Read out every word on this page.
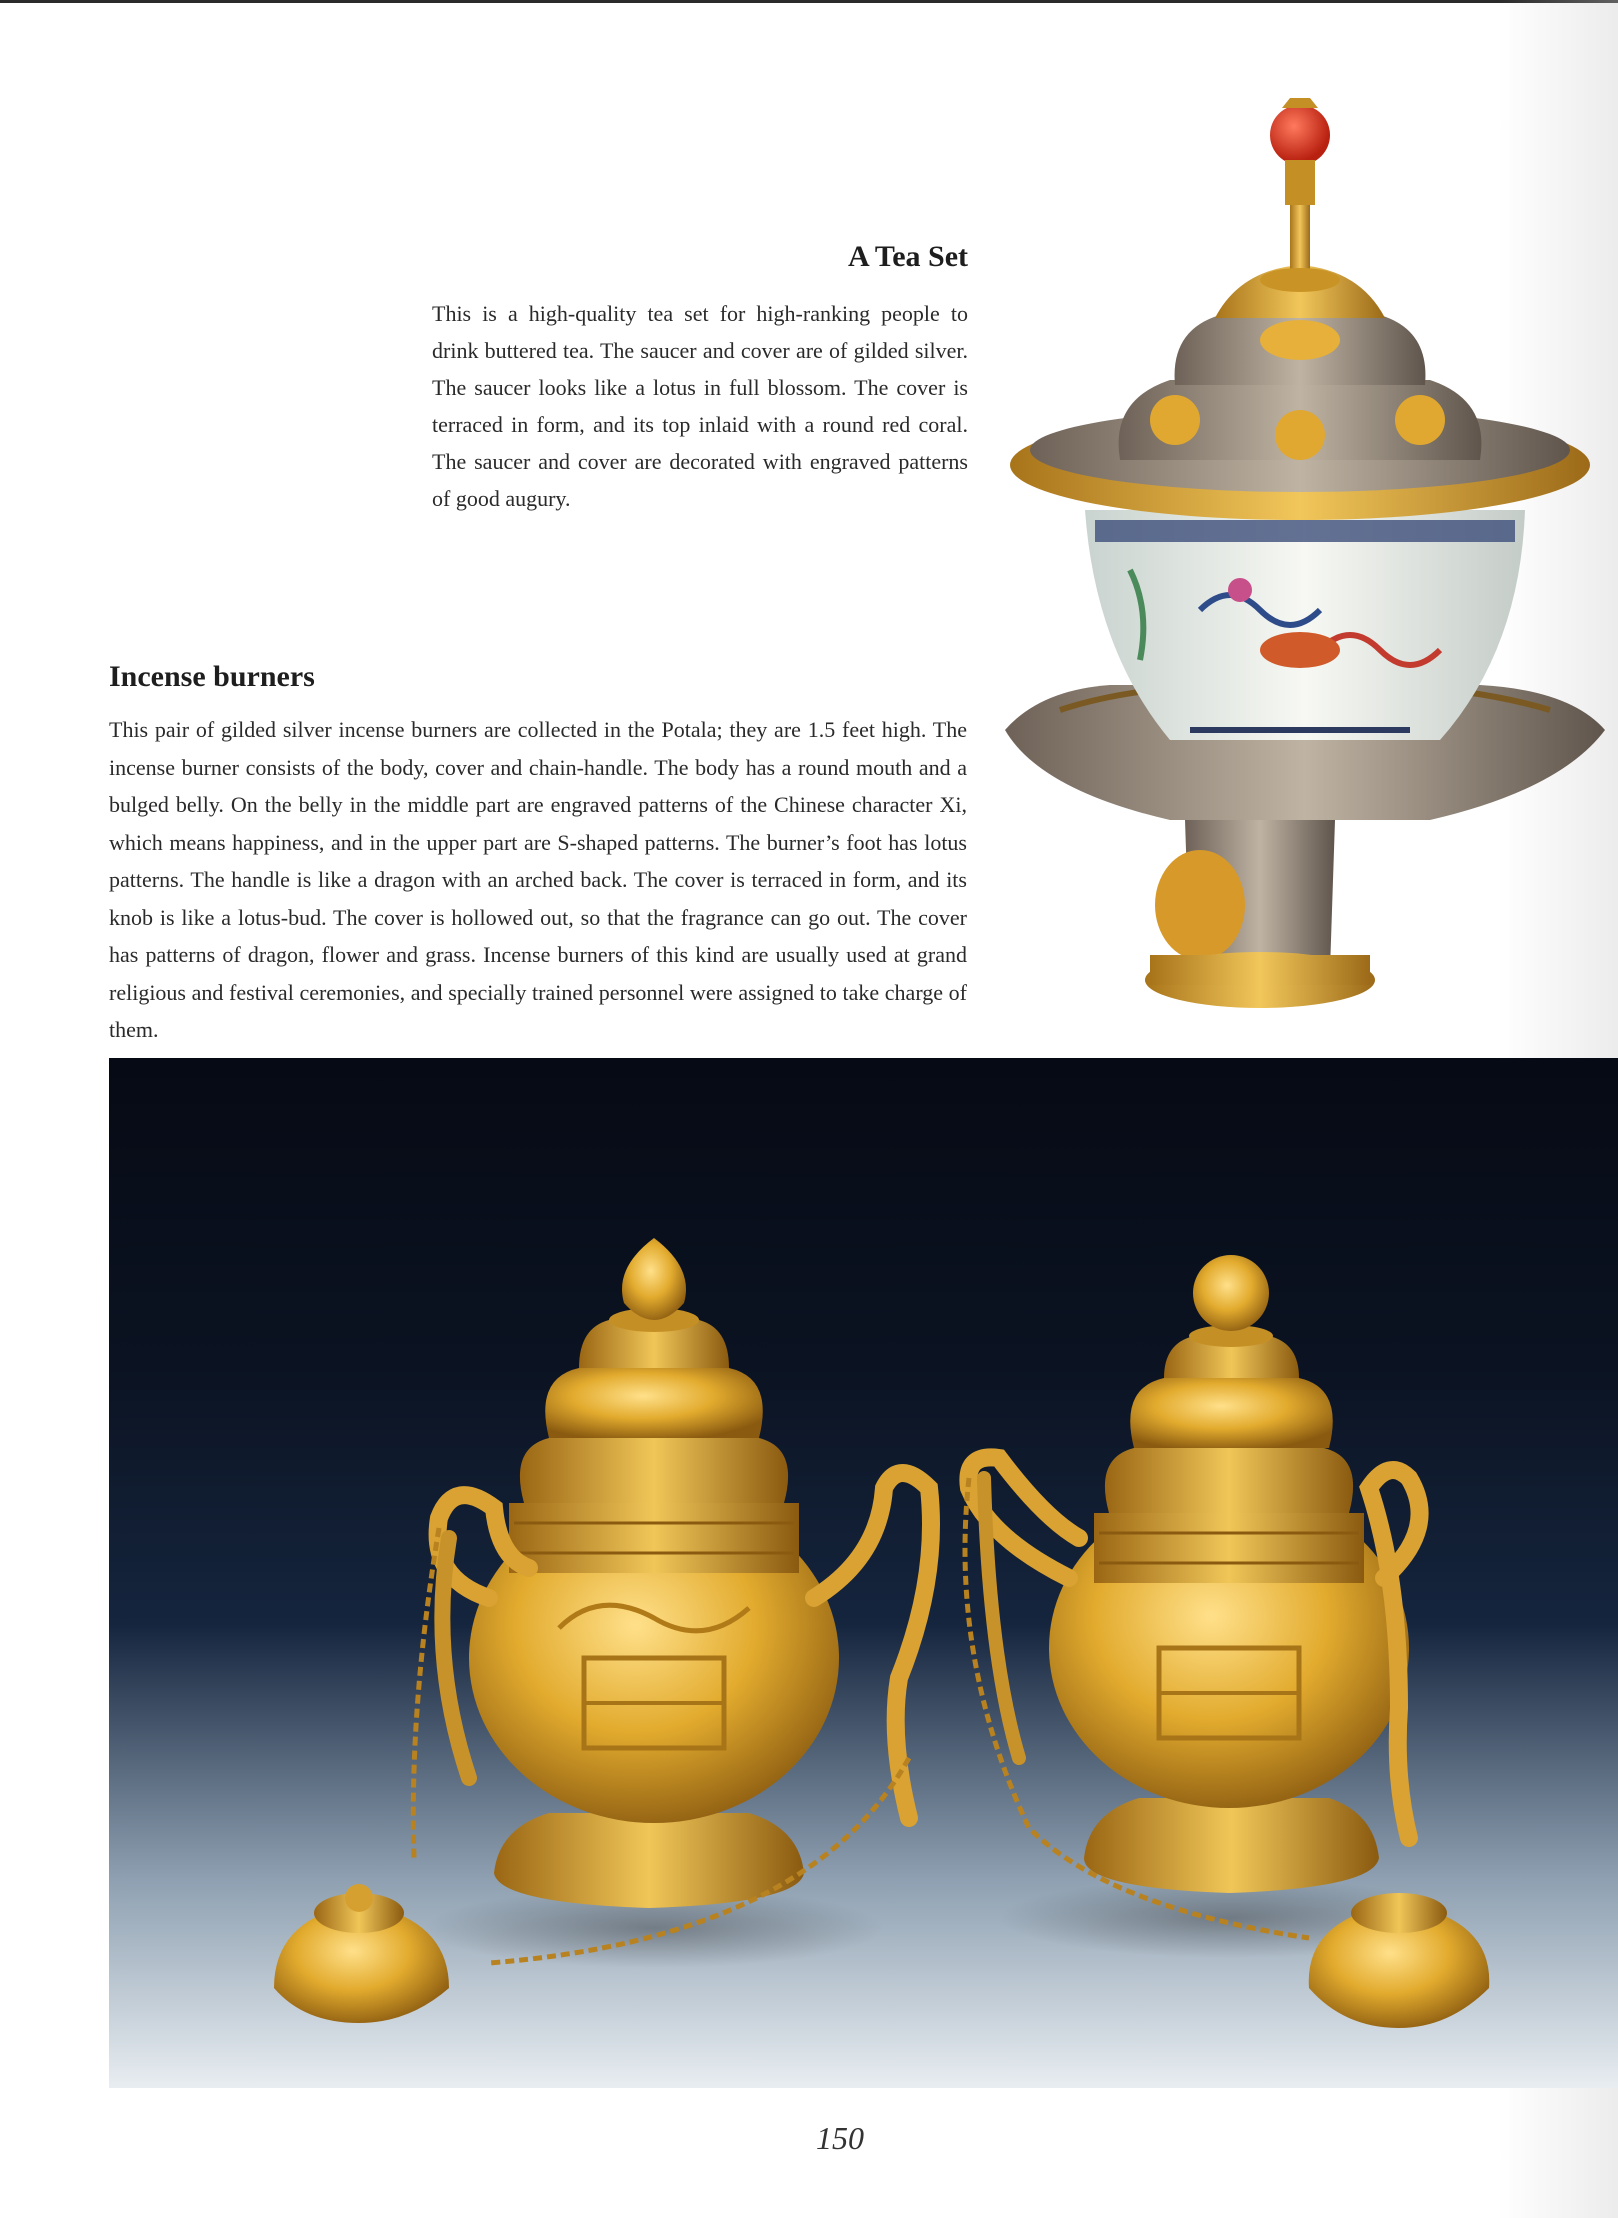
A Tea Set
This is a high-quality tea set for high-ranking people to drink buttered tea. The saucer and cover are of gilded silver. The saucer looks like a lotus in full blossom. The cover is terraced in form, and its top inlaid with a round red coral. The saucer and cover are decorated with engraved patterns of good augury.
Incense burners
This pair of gilded silver incense burners are collected in the Potala; they are 1.5 feet high. The incense burner consists of the body, cover and chain-handle. The body has a round mouth and a bulged belly. On the belly in the middle part are engraved patterns of the Chinese character Xi, which means happiness, and in the upper part are S-shaped patterns. The burner’s foot has lotus patterns. The handle is like a dragon with an arched back. The cover is terraced in form, and its knob is like a lotus-bud. The cover is hollowed out, so that the fragrance can go out. The cover has patterns of dragon, flower and grass. Incense burners of this kind are usually used at grand religious and festival ceremonies, and specially trained personnel were assigned to take charge of them.
150
